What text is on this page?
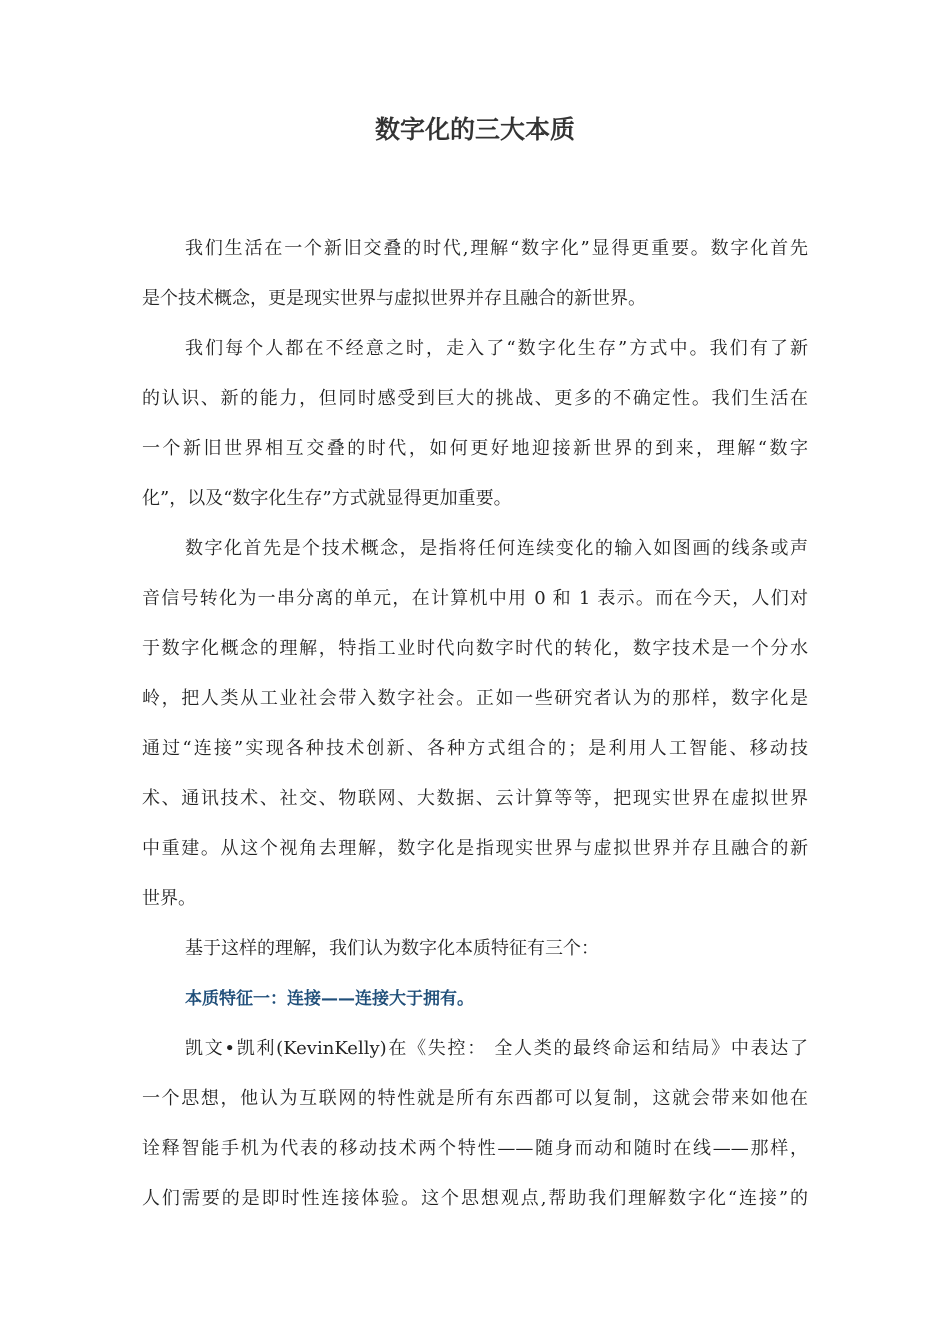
数字化的三大本质
我们生活在一个新旧交叠的时代,理解“数字化”显得更重要。数字化首先
是个技术概念，更是现实世界与虚拟世界并存且融合的新世界。
我们每个人都在不经意之时，走入了“数字化生存”方式中。我们有了新
的认识、新的能力，但同时感受到巨大的挑战、更多的不确定性。我们生活在
一个新旧世界相互交叠的时代，如何更好地迎接新世界的到来，理解“数字
化”，以及“数字化生存”方式就显得更加重要。
数字化首先是个技术概念，是指将任何连续变化的输入如图画的线条或声
音信号转化为一串分离的单元，在计算机中用 0 和 1 表示。而在今天，人们对
于数字化概念的理解，特指工业时代向数字时代的转化，数字技术是一个分水
岭，把人类从工业社会带入数字社会。正如一些研究者认为的那样，数字化是
通过“连接”实现各种技术创新、各种方式组合的；是利用人工智能、移动技
术、通讯技术、社交、物联网、大数据、云计算等等，把现实世界在虚拟世界
中重建。从这个视角去理解，数字化是指现实世界与虚拟世界并存且融合的新
世界。
基于这样的理解，我们认为数字化本质特征有三个：
本质特征一：连接——连接大于拥有。
凯文•凯利(KevinKelly)在《失控： 全人类的最终命运和结局》中表达了
一个思想，他认为互联网的特性就是所有东西都可以复制，这就会带来如他在
诠释智能手机为代表的移动技术两个特性——随身而动和随时在线——那样，
人们需要的是即时性连接体验。这个思想观点,帮助我们理解数字化“连接”的
